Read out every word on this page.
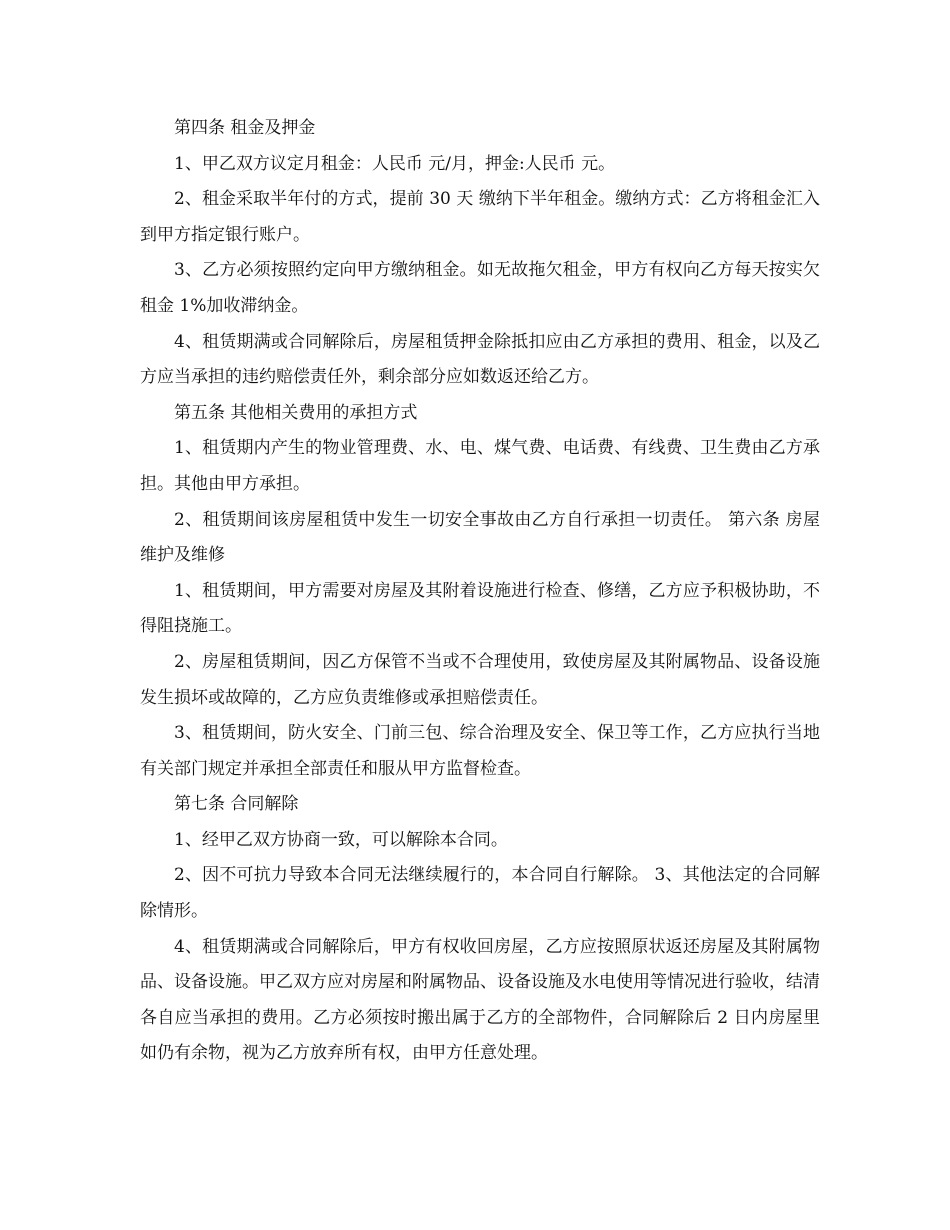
第四条 租金及押金

1、甲乙双方议定月租金：人民币 元/月，押金:人民币 元。

2、租金采取半年付的方式，提前 30 天 缴纳下半年租金。缴纳方式：乙方将租金汇入到甲方指定银行账户。

3、乙方必须按照约定向甲方缴纳租金。如无故拖欠租金，甲方有权向乙方每天按实欠租金 1%加收滞纳金。

4、租赁期满或合同解除后，房屋租赁押金除抵扣应由乙方承担的费用、租金，以及乙方应当承担的违约赔偿责任外，剩余部分应如数返还给乙方。

第五条 其他相关费用的承担方式

1、租赁期内产生的物业管理费、水、电、煤气费、电话费、有线费、卫生费由乙方承担。其他由甲方承担。

2、租赁期间该房屋租赁中发生一切安全事故由乙方自行承担一切责任。 第六条 房屋维护及维修

1、租赁期间，甲方需要对房屋及其附着设施进行检查、修缮，乙方应予积极协助，不得阻挠施工。

2、房屋租赁期间，因乙方保管不当或不合理使用，致使房屋及其附属物品、设备设施发生损坏或故障的，乙方应负责维修或承担赔偿责任。

3、租赁期间，防火安全、门前三包、综合治理及安全、保卫等工作，乙方应执行当地有关部门规定并承担全部责任和服从甲方监督检查。

第七条 合同解除

1、经甲乙双方协商一致，可以解除本合同。

2、因不可抗力导致本合同无法继续履行的，本合同自行解除。 3、其他法定的合同解除情形。

4、租赁期满或合同解除后，甲方有权收回房屋，乙方应按照原状返还房屋及其附属物品、设备设施。甲乙双方应对房屋和附属物品、设备设施及水电使用等情况进行验收，结清各自应当承担的费用。乙方必须按时搬出属于乙方的全部物件，合同解除后 2 日内房屋里如仍有余物，视为乙方放弃所有权，由甲方任意处理。
